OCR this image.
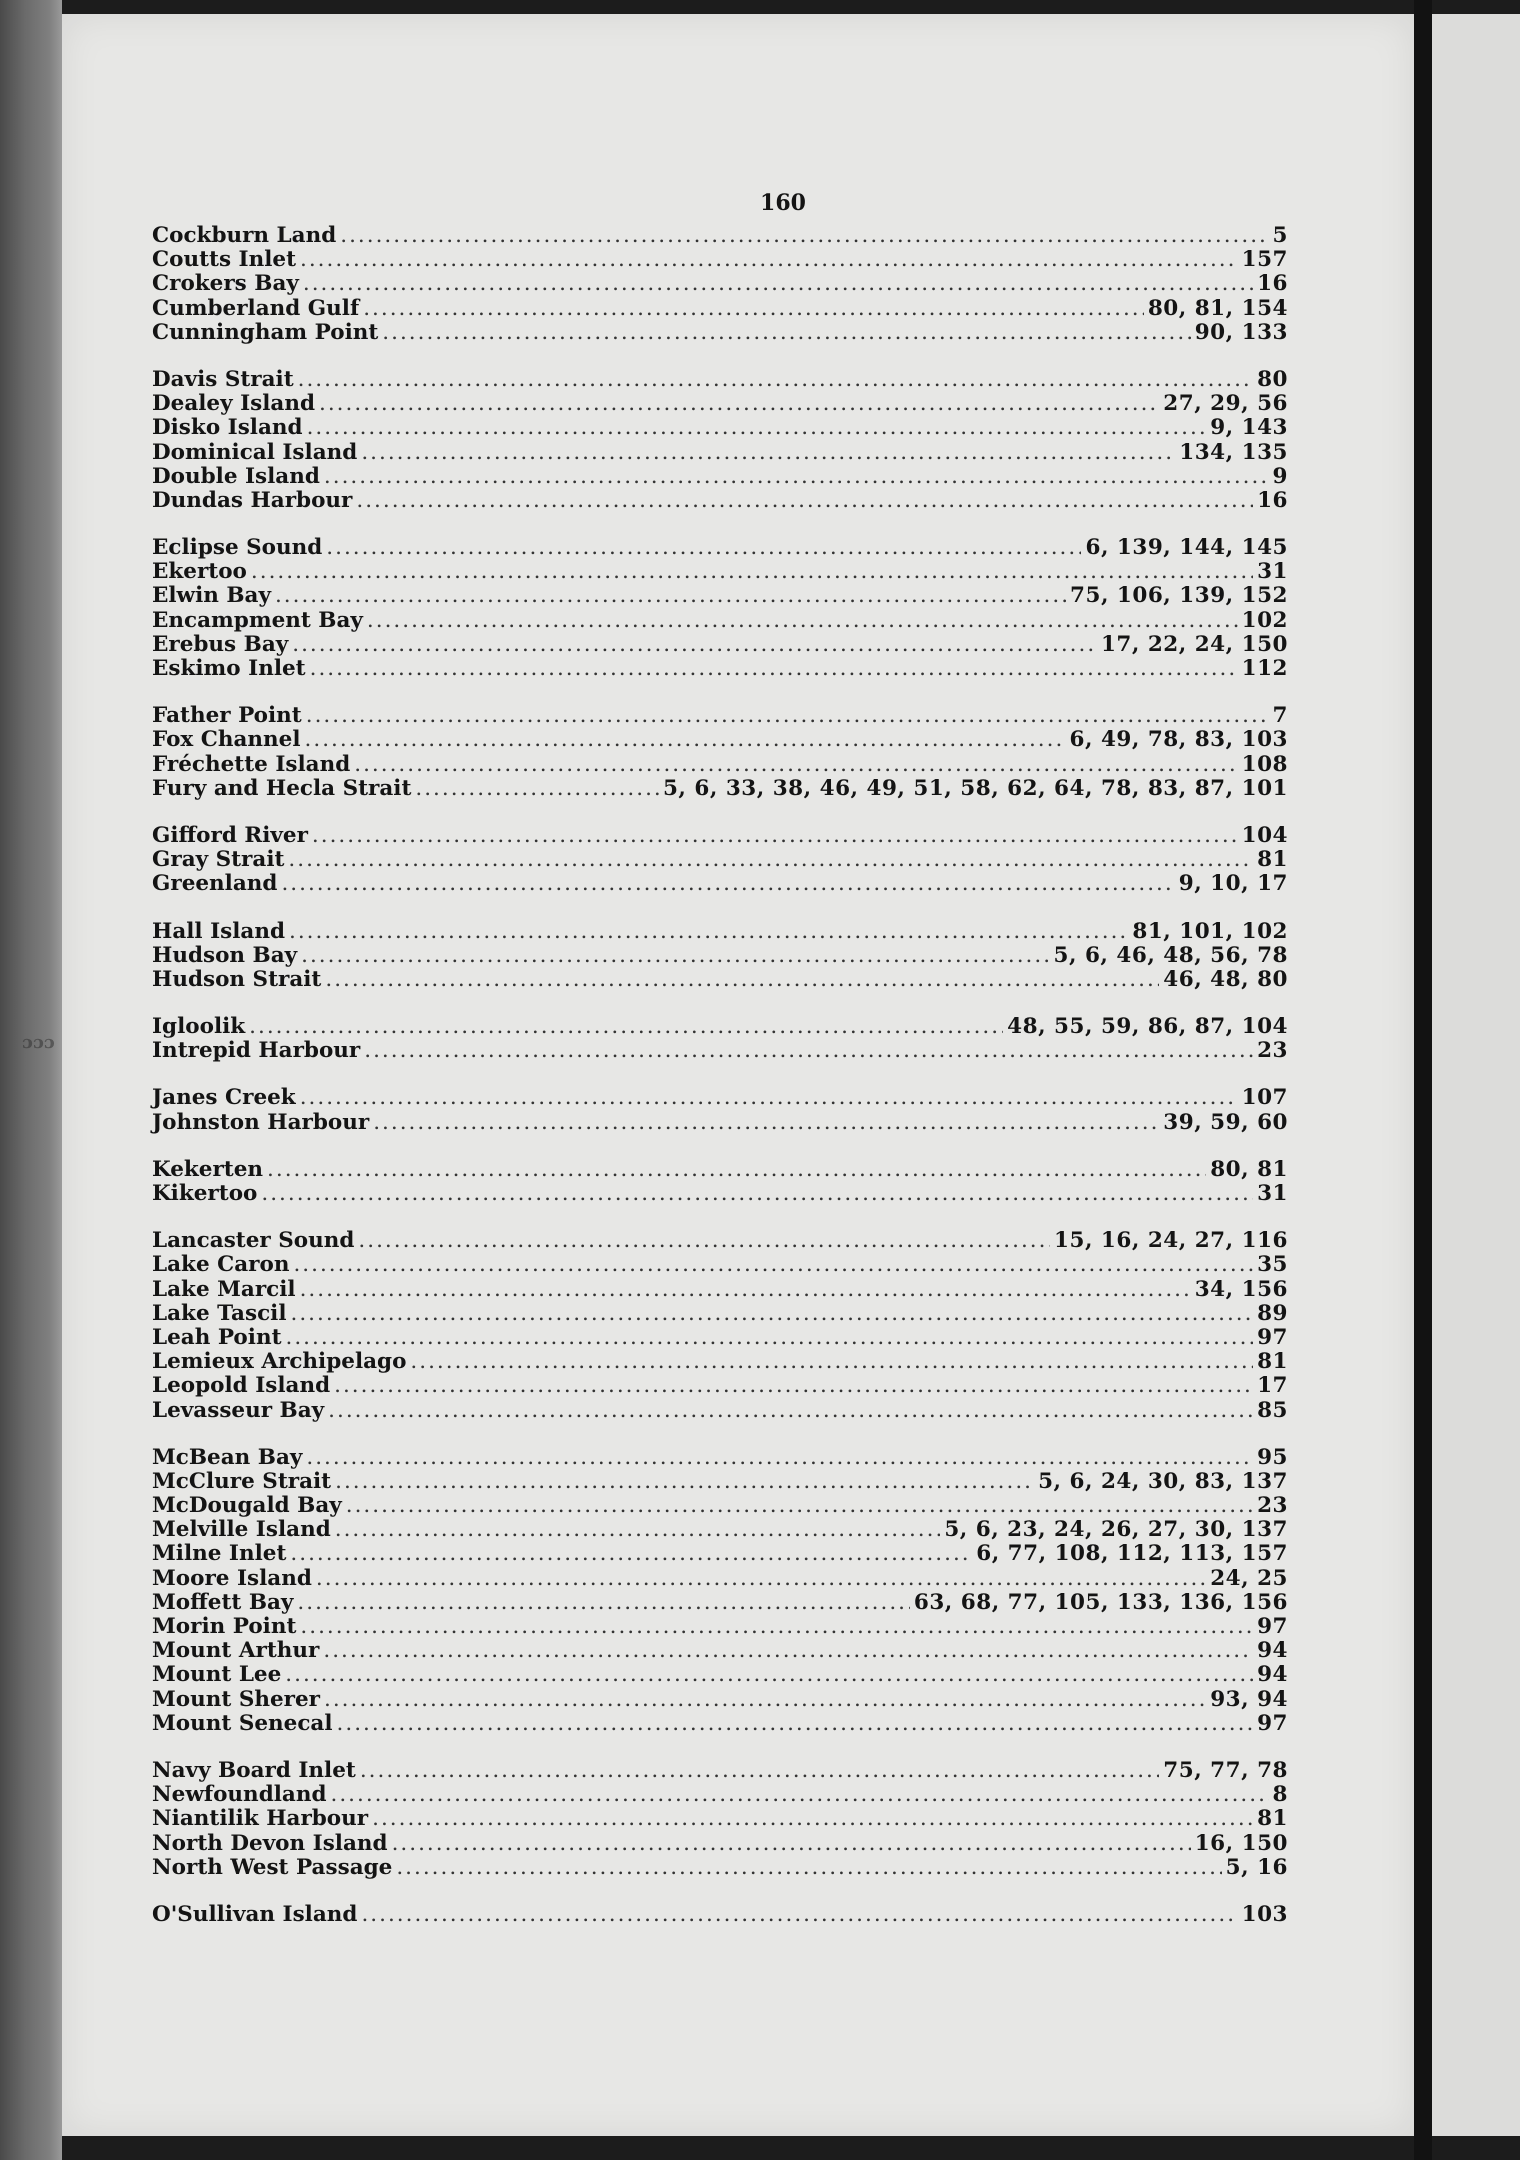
ɔɔɔ
160
Cockburn Land .....	5
Coutts Inlet .....	157
Crokers Bay .....	16
Cumberland Gulf .....	80, 81, 154
Cunningham Point .....	90, 133
Davis Strait .....	80
Dealey Island .....	27, 29, 56
Disko Island .....	9, 143
Dominical Island .....	134, 135
Double Island .....	9
Dundas Harbour .....	16
Eclipse Sound .....	6, 139, 144, 145
Ekertoo .....	31
Elwin Bay .....	75, 106, 139, 152
Encampment Bay .....	102
Erebus Bay .....	17, 22, 24, 150
Eskimo Inlet .....	112
Father Point .....	7
Fox Channel .....	6, 49, 78, 83, 103
Fréchette Island .....	108
Fury and Hecla Strait .....	5, 6, 33, 38, 46, 49, 51, 58, 62, 64, 78, 83, 87, 101
Gifford River .....	104
Gray Strait .....	81
Greenland .....	9, 10, 17
Hall Island .....	81, 101, 102
Hudson Bay .....	5, 6, 46, 48, 56, 78
Hudson Strait .....	46, 48, 80
Igloolik .....	48, 55, 59, 86, 87, 104
Intrepid Harbour .....	23
Janes Creek .....	107
Johnston Harbour .....	39, 59, 60
Kekerten .....	80, 81
Kikertoo .....	31
Lancaster Sound .....	15, 16, 24, 27, 116
Lake Caron .....	35
Lake Marcil .....	34, 156
Lake Tascil .....	89
Leah Point .....	97
Lemieux Archipelago .....	81
Leopold Island .....	17
Levasseur Bay .....	85
McBean Bay .....	95
McClure Strait .....	5, 6, 24, 30, 83, 137
McDougald Bay .....	23
Melville Island .....	5, 6, 23, 24, 26, 27, 30, 137
Milne Inlet .....	6, 77, 108, 112, 113, 157
Moore Island .....	24, 25
Moffett Bay .....	63, 68, 77, 105, 133, 136, 156
Morin Point .....	97
Mount Arthur .....	94
Mount Lee .....	94
Mount Sherer .....	93, 94
Mount Senecal .....	97
Navy Board Inlet .....	75, 77, 78
Newfoundland .....	8
Niantilik Harbour .....	81
North Devon Island .....	16, 150
North West Passage .....	5, 16
O'Sullivan Island .....	103
